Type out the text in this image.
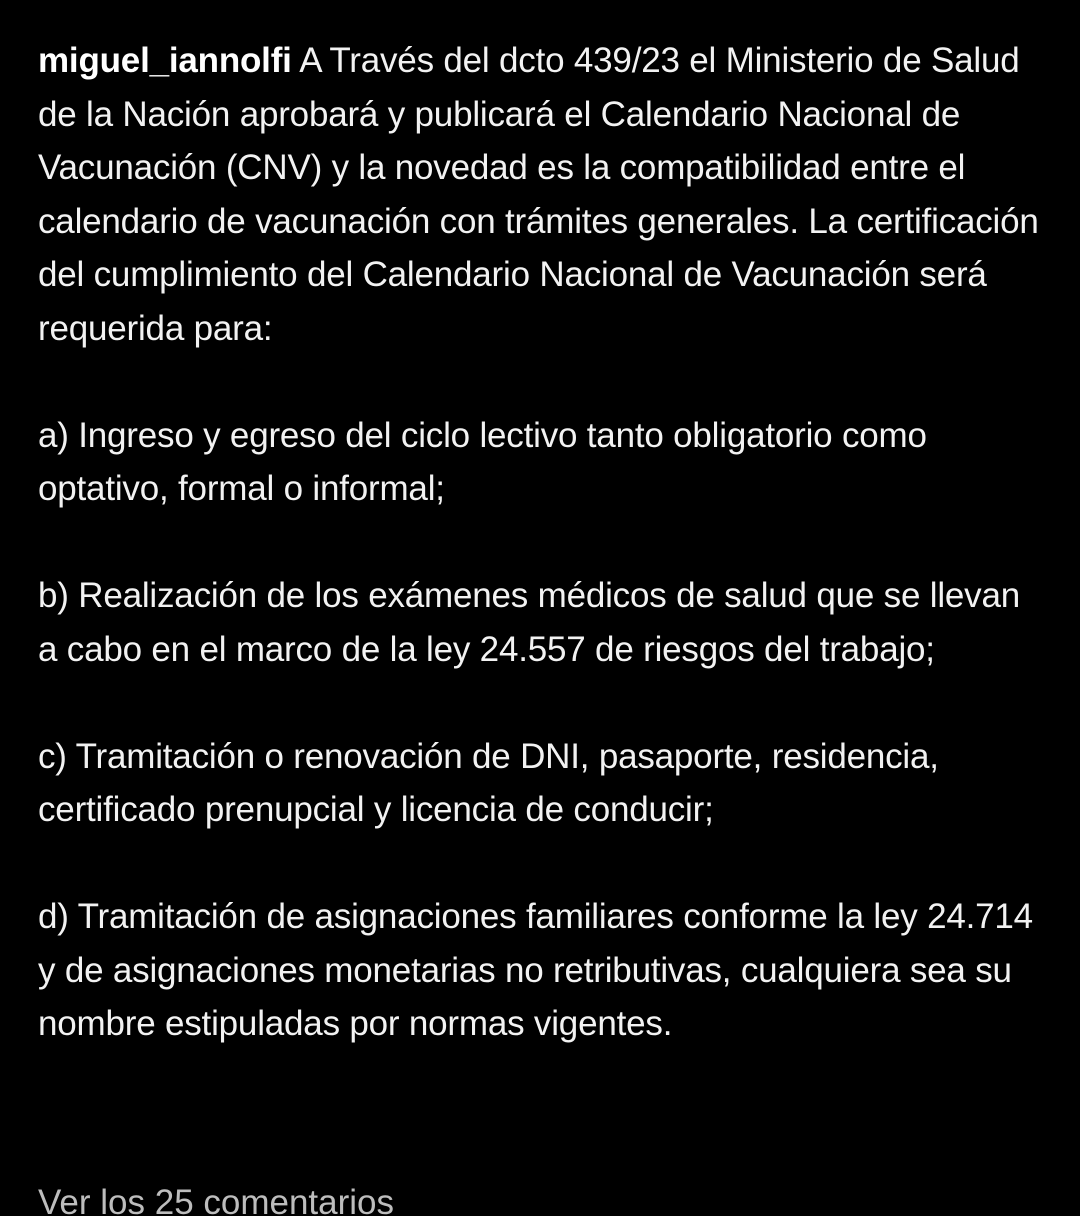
miguel_iannolfi A Través del dcto 439/23 el Ministerio de Salud de la Nación aprobará y publicará el Calendario Nacional de Vacunación (CNV) y la novedad es la compatibilidad entre el calendario de vacunación con trámites generales. La certificación del cumplimiento del Calendario Nacional de Vacunación será requerida para:

a) Ingreso y egreso del ciclo lectivo tanto obligatorio como optativo, formal o informal;

b) Realización de los exámenes médicos de salud que se llevan a cabo en el marco de la ley 24.557 de riesgos del trabajo;

c) Tramitación o renovación de DNI, pasaporte, residencia, certificado prenupcial y licencia de conducir;

d) Tramitación de asignaciones familiares conforme la ley 24.714 y de asignaciones monetarias no retributivas, cualquiera sea su nombre estipuladas por normas vigentes.

Ver los 25 comentarios
